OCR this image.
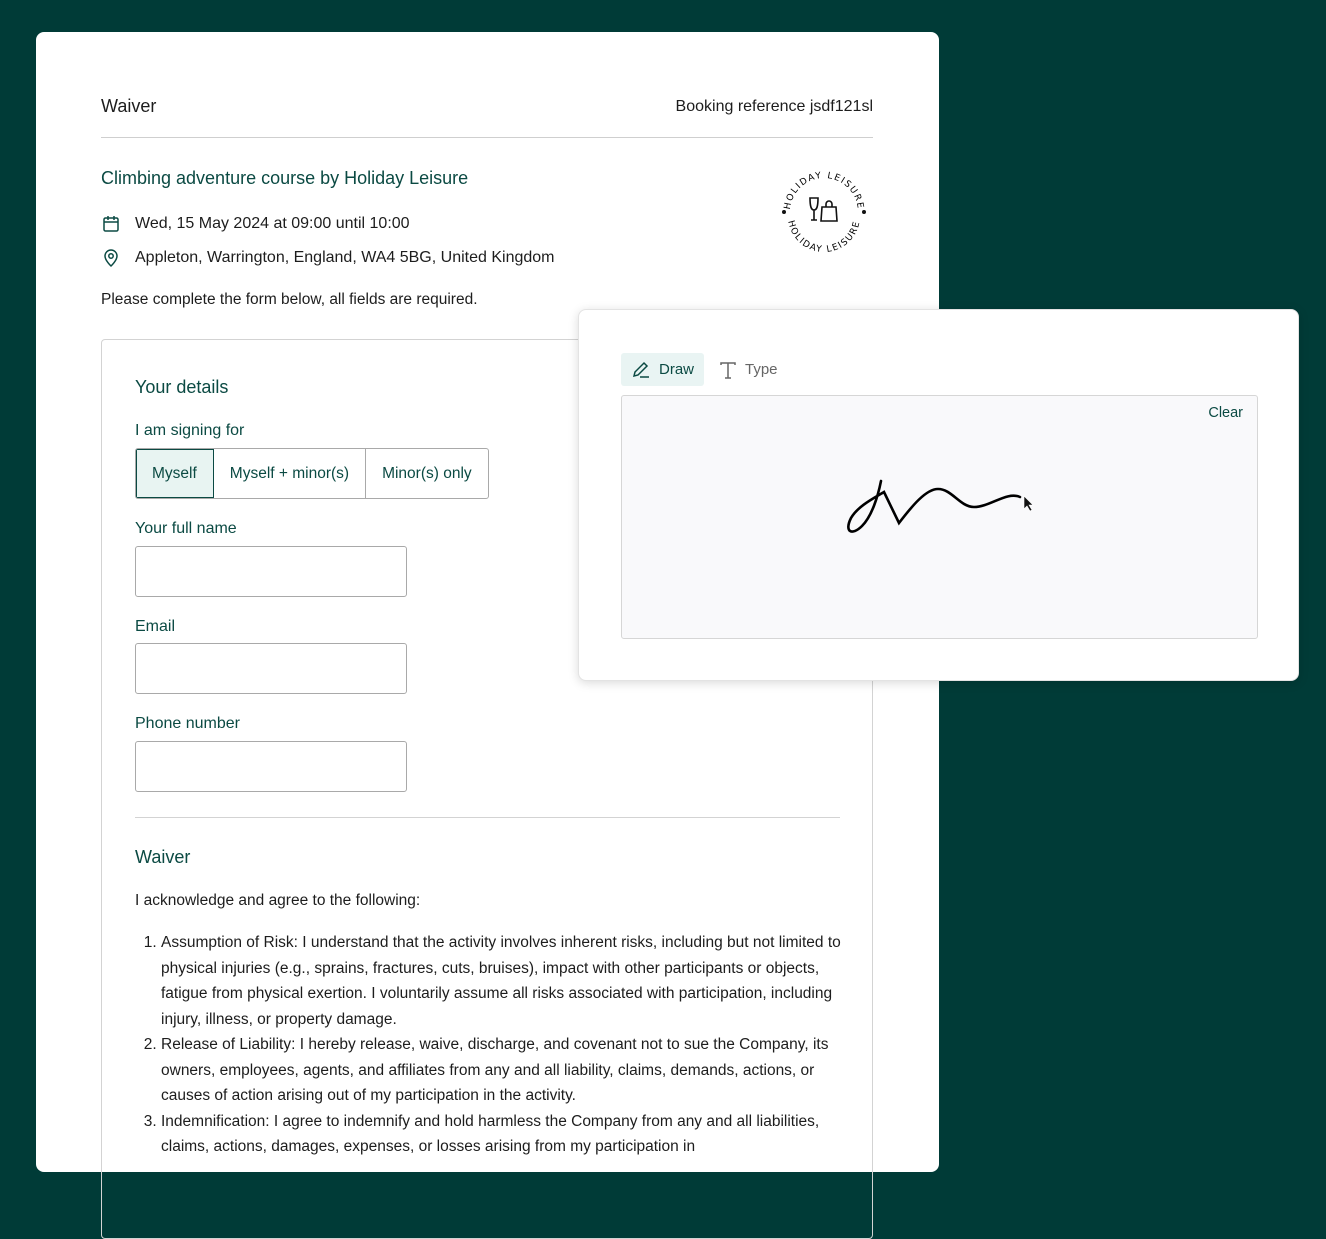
Waiver	Booking reference jsdf121sl
Climbing adventure course by Holiday Leisure
Wed, 15 May 2024 at 09:00 until 10:00
Appleton, Warrington, England, WA4 5BG, United Kingdom
Please complete the form below, all fields are required.
HOLIDAY LEISURE
HOLIDAY LEISURE
Your details
I am signing for
Myself	Myself + minor(s)	Minor(s) only
Your full name
Email
Phone number
Waiver
I acknowledge and agree to the following:
1. Assumption of Risk: I understand that the activity involves inherent risks, including but not limited to physical injuries (e.g., sprains, fractures, cuts, bruises), impact with other participants or objects, fatigue from physical exertion. I voluntarily assume all risks associated with participation, including injury, illness, or property damage.
2. Release of Liability: I hereby release, waive, discharge, and covenant not to sue the Company, its owners, employees, agents, and affiliates from any and all liability, claims, demands, actions, or causes of action arising out of my participation in the activity.
3. Indemnification: I agree to indemnify and hold harmless the Company from any and all liabilities, claims, actions, damages, expenses, or losses arising from my participation in
Draw	Type
Clear
